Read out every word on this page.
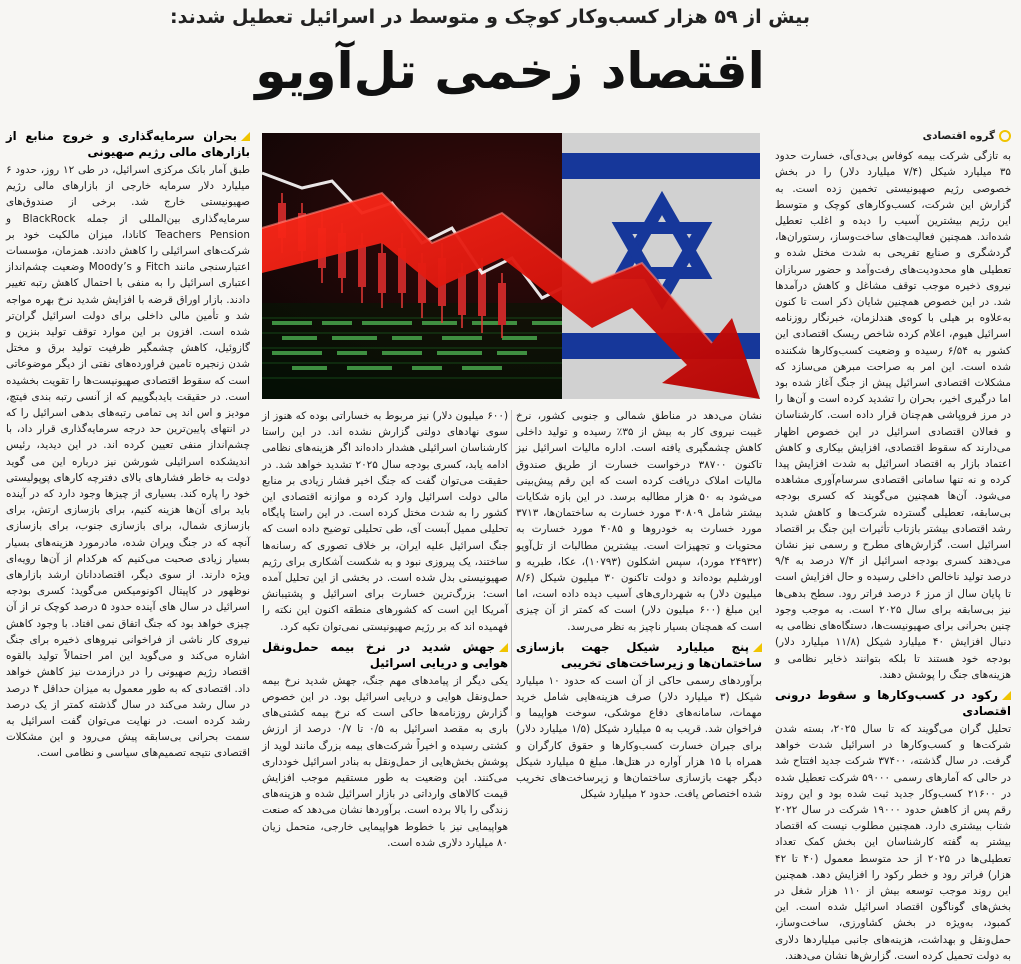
بیش از ۵۹ هزار کسب‌و‌کار کوچک و متوسط در اسرائیل تعطیل شدند:
اقتصاد زخمی تل‌آویو
گروه اقتصادی

به تازگی شرکت بیمه کوفاس بی‌دی‌آی، خسارت حدود ۳۵ میلیارد شیکل (۷/۴ میلیارد دلار) را در بخش خصوصی رژیم صهیونیستی تخمین زده است. به گزارش این شرکت، کسب‌و‌کارهای کوچک و متوسط این رژیم بیشترین آسیب را دیده و اغلب تعطیل شده‌اند. همچنین فعالیت‌های ساخت‌وساز، رستوران‌ها، گردشگری و صنایع تفریحی به شدت مختل شده و تعطیلی هاو محدودیت‌های رفت‌وآمد و حضور سربازان نیروی ذخیره موجب توقف مشاغل و کاهش درآمدها شد. در این خصوص همچنین شایان ذکر است تا کنون به‌علاوه بر هیلی با کوه‌ی هندلزمان، خبرنگار روزنامه اسرائیل هیوم، اعلام کرده شاخص ریسک اقتصادی این کشور به ۶/۵۴ رسیده و وضعیت کسب‌و‌کارها شکننده شده است. این امر به صراحت مبرهن می‌سازد که مشکلات اقتصادی اسرائیل پیش از جنگ آغاز شده بود اما درگیری اخیر، بحران را تشدید کرده است و آن‌ها را در مرز فروپاشی هم‌چنان قرار داده است. کارشناسان و فعالان اقتصادی اسرائیل در این خصوص اظهار می‌دارند که سقوط اقتصادی، افزایش بیکاری و کاهش اعتماد بازار به اقتصاد اسرائیل به شدت افزایش پیدا کرده و نه تنها سامانی اقتصادی سرسام‌آوری مشاهده می‌شود. آن‌ها همچنین می‌گویند که کسری بودجه بی‌سابقه، تعطیلی گسترده شرکت‌ها و کاهش شدید رشد اقتصادی بیشتر بازتاب‌ تأثیرات این جنگ بر اقتصاد اسرائیل است. گزارش‌های مطرح و رسمی نیز نشان می‌دهند کسری بودجه اسرائیل از ۷/۴ درصد به ۹/۴ درصد تولید ناخالص داخلی رسیده و حال افزایش است تا پایان سال از مرز ۶ درصد فراتر رود. سطح بدهی‌ها نیز بی‌سابقه برای سال ۲۰۲۵ است. به موجب وجود چنین بحرانی برای صهیونیست‌ها، دستگاه‌های نظامی به دنبال افزایش ۴۰ میلیارد شیکل (۱۱/۸ میلیارد دلار) بودجه خود هستند تا بلکه بتوانند ذخایر نظامی و هزینه‌های جنگ را پوشش دهند.

رکود در کسب‌وکارها و سقوط درونی اقتصادی

تحلیل گران می‌گویند که تا سال ۲۰۲۵، بسته شدن شرکت‌ها و کسب‌وکارها در اسرائیل شدت خواهد گرفت. در سال گذشته، ۳۷۴۰۰ شرکت جدید افتتاح شد در حالی که آمارهای رسمی ۵۹۰۰۰ شرکت تعطیل شده در ۲۱۶۰۰ کسب‌وکار جدید ثبت شده بود و این روند رقم پس از کاهش حدود ۱۹۰۰۰ شرکت در سال ۲۰۲۲ شتاب بیشتری دارد. همچنین مطلوب نیست که اقتصاد بیشتر به گفته کارشناسان این بخش کمک تعداد تعطیلی‌ها در ۲۰۲۵ از حد متوسط معمول (۴۰ تا ۴۲ هزار) فراتر رود و خطر رکود را افزایش دهد. همچنین این روند موجب توسعه بیش از ۱۱۰ هزار شغل در بخش‌های گوناگون اقتصاد اسرائیل شده است. این کمبود، به‌ویژه در بخش کشاورزی، ساخت‌وساز، حمل‌ونقل و بهداشت، هزینه‌های جانبی میلیاردها دلاری به دولت تحمیل کرده است. گزارش‌ها نشان می‌دهند.

نشان می‌دهد در مناطق شمالی و جنوبی کشور، نرخ غیبت نیروی کار به بیش از ۳۵٪ رسیده و تولید داخلی کاهش چشمگیری یافته است. اداره مالیات اسرائیل نیز تاکنون ۳۸۷۰۰ درخواست خسارت از طریق صندوق مالیات املاک دریافت کرده است که این رقم پیش‌بینی می‌شود به ۵۰ هزار مطالبه برسد. در این بازه شکایات بیشتر شامل ۳۰۸۰۹ مورد خسارت به ساختمان‌ها، ۳۷۱۳ مورد خسارت به خودروها و ۴۰۸۵ مورد خسارت به محتویات و تجهیزات است. بیشترین مطالبات از تل‌آویو (۲۴۹۳۲ مورد)، سپس اشکلون (۱۰۷۹۳)، عکا، طبریه و اورشلیم بوده‌اند و دولت تاکنون ۳۰ میلیون شیکل (۸/۶ میلیون دلار) به شهرداری‌های آسیب دیده داده است، اما این مبلغ (۶۰۰ میلیون دلار) است که کمتر از آن چیزی است که همچنان بسیار ناچیز به نظر می‌رسد.

پنج میلیارد شیکل جهت بازسازی ساختمان‌ها و زیرساخت‌های تخریبی

برآوردهای رسمی حاکی از آن است که حدود ۱۰ میلیارد شیکل (۳ میلیارد دلار) صرف هزینه‌هایی شامل خرید مهمات، سامانه‌های دفاع موشکی، سوخت هواپیما و فراخوان شد. قریب به ۵ میلیارد شیکل (۱/۵ میلیارد دلار) برای جبران خسارت کسب‌وکارها و حقوق کارگران و همراه با ۱۵ هزار آواره در هتل‌ها. مبلغ ۵ میلیارد شیکل دیگر جهت بازسازی ساختمان‌ها و زیرساخت‌های تخریب شده اختصاص یافت. حدود ۲ میلیارد شیکل

(۶۰۰ میلیون دلار) نیز مربوط به خساراتی بوده که هنوز از سوی نهادهای دولتی گزارش نشده اند. در این راستا کارشناسان اسرائیلی هشدار داده‌اند اگر هزینه‌های نظامی ادامه یابد، کسری بودجه سال ۲۰۲۵ تشدید خواهد شد. در حقیقت می‌توان گفت که جنگ اخیر فشار زیادی بر منابع مالی دولت اسرائیل وارد کرده و موازنه اقتصادی این کشور را به شدت مختل کرده است. در این راستا پایگاه تحلیلی ممیل آبست آی، طی تحلیلی توضیح داده است که جنگ اسرائیل علیه ایران، بر خلاف تصوری که رسانه‌ها ساختند، یک پیروزی نبود و به شکست آشکاری برای رژیم صهیونیستی بدل شده است. در بخشی از این تحلیل آمده است: بزرگ‌ترین خسارت برای اسرائیل و پشتیبانش آمریکا این است که کشورهای منطقه اکنون این نکته را فهمیده اند که بر رژیم صهیونیستی نمی‌توان تکیه کرد.

جهش شدید در نرخ بیمه حمل‌ونقل هوایی و دریایی اسرائیل

یکی دیگر از پیامدهای مهم جنگ، جهش شدید نرخ بیمه حمل‌ونقل هوایی و دریایی اسرائیل بود. در این خصوص گزارش روزنامه‌ها حاکی است که نرخ بیمه کشتی‌های باری به مقصد اسرائیل به ۰/۵ تا ۰/۷ درصد از ارزش کشتی رسیده و اخیراً شرکت‌های بیمه بزرگ مانند لوید از پوشش بخش‌هایی از حمل‌ونقل به بنادر اسرائیل خودداری می‌کنند. این وضعیت به طور مستقیم موجب افزایش قیمت کالاهای وارداتی در بازار اسرائیل شده و هزینه‌های زندگی را بالا برده است. برآوردها نشان می‌دهد که صنعت هواپیمایی نیز با خطوط هواپیمایی خارجی، متحمل زیان ۸۰ میلیارد دلاری شده است.

بحران سرمایه‌گذاری و خروج منابع از بازارهای مالی رژیم صهیونی

طبق آمار بانک مرکزی اسرائیل، در طی ۱۲ روز، حدود ۶ میلیارد دلار سرمایه خارجی از بازارهای مالی رژیم صهیونیستی خارج شد. برخی از صندوق‌های سرمایه‌گذاری بین‌المللی از جمله BlackRock و Teachers Pension کانادا، میزان مالکیت خود بر شرکت‌های اسرائیلی را کاهش دادند. همزمان، مؤسسات اعتبارسنجی مانند Fitch و Moody’s وضعیت چشم‌انداز اعتباری اسرائیل را به منفی با احتمال کاهش رتبه تغییر دادند. بازار اوراق قرضه با افزایش شدید نرخ بهره مواجه شد و تأمین مالی داخلی برای دولت اسرائیل گران‌تر شده است. افزون بر این موارد توقف تولید بنزین و گازوئیل، کاهش چشمگیر ظرفیت تولید برق و مختل شدن زنجیره تامین فراورده‌های نفتی از دیگر موضوعاتی است که سقوط اقتصادی صهیونیست‌ها را تقویت بخشیده است. در حقیقت بایدبگوییم که از آنسی رتبه بندی فیتچ، مودیز و اس اند پی تمامی رتبه‌های بدهی اسرائیل را که در انتهای پایین‌ترین حد درجه سرمایه‌گذاری قرار داد، با چشم‌انداز منفی تعیین کرده اند. در این دیدید، رئیس اندیشکده اسرائیلی شورشن نیز درباره این می گوید دولت به خاطر فشارهای بالای دفترچه کارهای پوپولیستی خود را پاره کند. بسیاری از چیزها وجود دارد که در آینده باید برای آن‌ها هزینه کنیم، برای بازسازی ارتش، برای بازسازی شمال، برای بازسازی جنوب، برای بازسازی آنچه که در جنگ ویران شده، مادرمورد هزینه‌های بسیار بسیار زیادی صحبت می‌کنیم که هرکدام از آن‌ها رویه‌ای ویژه دارند. از سوی دیگر، اقتصاددانان ارشد بازارهای نوظهور در کاپیتال اکونومیکس می‌گوید: کسری بودجه اسرائیل در سال های آینده حدود ۵ درصد کوچک تر از آن چیزی خواهد بود که جنگ اتفاق نمی افتاد. با وجود کاهش نیروی کار ناشی از فراخوانی نیروهای ذخیره برای جنگ اشاره می‌کند و می‌گوید این امر احتمالاً تولید بالقوه اقتصاد رژیم صهیونی را در درازمدت نیز کاهش خواهد داد. اقتصادی که به طور معمول به میزان حداقل ۴ درصد در سال رشد می‌کند در سال گذشته کمتر از یک درصد رشد کرده است. در نهایت می‌توان گفت اسرائیل به سمت بحرانی بی‌سابقه پیش می‌رود و این مشکلات اقتصادی نتیجه تصمیم‌های سیاسی و نظامی است.
